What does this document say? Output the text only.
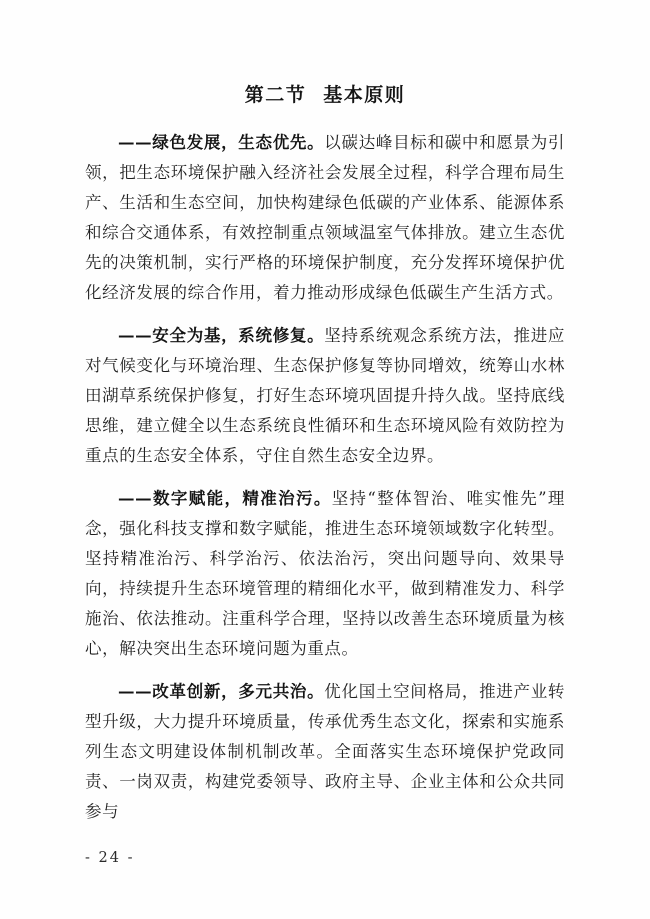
第二节 基本原则

——绿色发展，生态优先。以碳达峰目标和碳中和愿景为引领，把生态环境保护融入经济社会发展全过程，科学合理布局生 产、生活和生态空间，加快构建绿色低碳的产业体系、能源体系 和综合交通体系，有效控制重点领域温室气体排放。建立生态优 先的决策机制，实行严格的环境保护制度，充分发挥环境保护优 化经济发展的综合作用，着力推动形成绿色低碳生产生活方式。

——安全为基，系统修复。坚持系统观念系统方法，推进应对气候变化与环境治理、生态保护修复等协同增效，统筹山水林 田湖草系统保护修复，打好生态环境巩固提升持久战。坚持底线 思维，建立健全以生态系统良性循环和生态环境风险有效防控为 重点的生态安全体系，守住自然生态安全边界。

——数字赋能，精准治污。坚持“整体智治、唯实惟先”理念，强化科技支撑和数字赋能，推进生态环境领域数字化转型。坚持精准治污、科学治污、依法治污，突出问题导向、效果导向，持续提升生态环境管理的精细化水平，做到精准发力、科学施治、依法推动。注重科学合理，坚持以改善生态环境质量为核心，解决突出生态环境问题为重点。

——改革创新，多元共治。优化国土空间格局，推进产业转型升级，大力提升环境质量，传承优秀生态文化，探索和实施系列生态文明建设体制机制改革。全面落实生态环境保护党政同责、一岗双责，构建党委领导、政府主导、企业主体和公众共同参与

- 24 -
